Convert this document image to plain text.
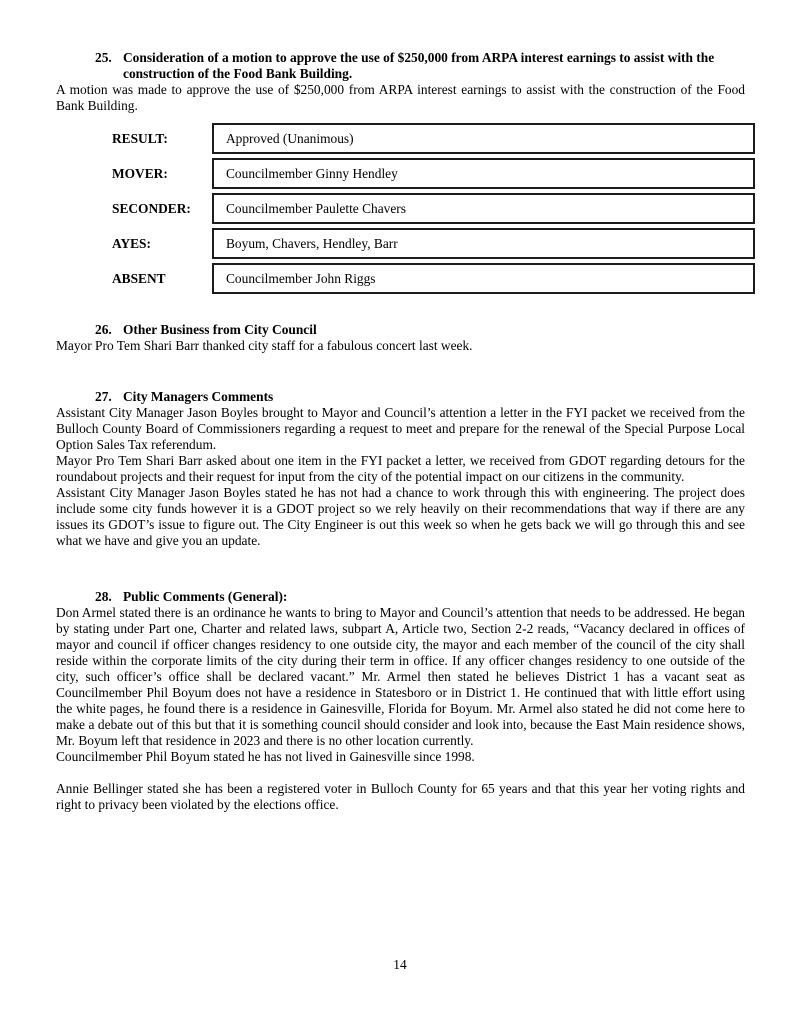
25. Consideration of a motion to approve the use of $250,000 from ARPA interest earnings to assist with the construction of the Food Bank Building.

A motion was made to approve the use of $250,000 from ARPA interest earnings to assist with the construction of the Food Bank Building.

RESULT:	Approved (Unanimous)
MOVER:	Councilmember Ginny Hendley
SECONDER:	Councilmember Paulette Chavers
AYES:	Boyum, Chavers, Hendley, Barr
ABSENT	Councilmember John Riggs
26. Other Business from City Council

Mayor Pro Tem Shari Barr thanked city staff for a fabulous concert last week.

27. City Managers Comments

Assistant City Manager Jason Boyles brought to Mayor and Council’s attention a letter in the FYI packet we received from the Bulloch County Board of Commissioners regarding a request to meet and prepare for the renewal of the Special Purpose Local Option Sales Tax referendum.

Mayor Pro Tem Shari Barr asked about one item in the FYI packet a letter, we received from GDOT regarding detours for the roundabout projects and their request for input from the city of the potential impact on our citizens in the community.

Assistant City Manager Jason Boyles stated he has not had a chance to work through this with engineering. The project does include some city funds however it is a GDOT project so we rely heavily on their recommendations that way if there are any issues its GDOT’s issue to figure out. The City Engineer is out this week so when he gets back we will go through this and see what we have and give you an update.

28. Public Comments (General):

Don Armel stated there is an ordinance he wants to bring to Mayor and Council’s attention that needs to be addressed. He began by stating under Part one, Charter and related laws, subpart A, Article two, Section 2-2 reads, “Vacancy declared in offices of mayor and council if officer changes residency to one outside city, the mayor and each member of the council of the city shall reside within the corporate limits of the city during their term in office. If any officer changes residency to one outside of the city, such officer’s office shall be declared vacant.” Mr. Armel then stated he believes District 1 has a vacant seat as Councilmember Phil Boyum does not have a residence in Statesboro or in District 1. He continued that with little effort using the white pages, he found there is a residence in Gainesville, Florida for Boyum. Mr. Armel also stated he did not come here to make a debate out of this but that it is something council should consider and look into, because the East Main residence shows, Mr. Boyum left that residence in 2023 and there is no other location currently.

Councilmember Phil Boyum stated he has not lived in Gainesville since 1998.

Annie Bellinger stated she has been a registered voter in Bulloch County for 65 years and that this year her voting rights and right to privacy been violated by the elections office.

14
